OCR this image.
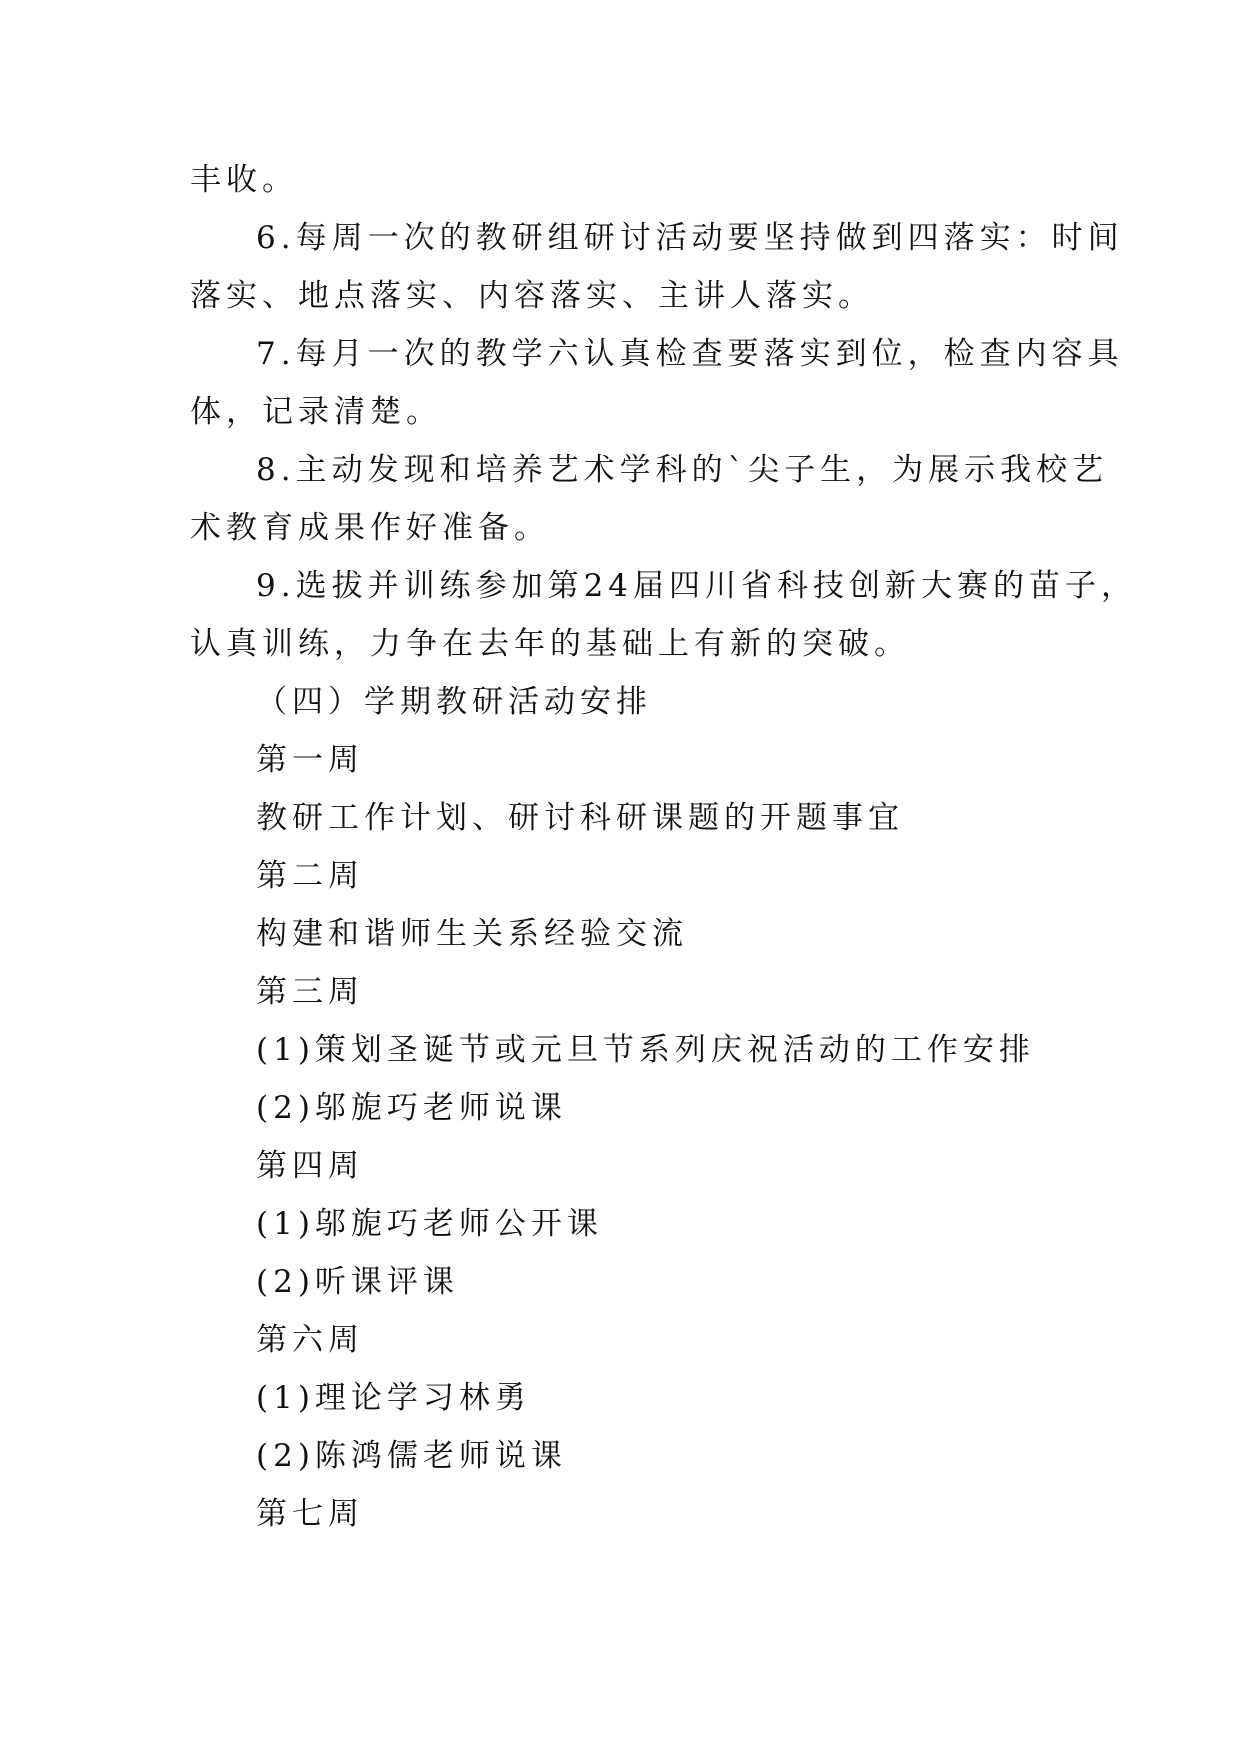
丰收。
6.每周一次的教研组研讨活动要坚持做到四落实：时间
落实、地点落实、内容落实、主讲人落实。
7.每月一次的教学六认真检查要落实到位，检查内容具
体，记录清楚。
8.主动发现和培养艺术学科的`尖子生，为展示我校艺
术教育成果作好准备。
9.选拔并训练参加第24届四川省科技创新大赛的苗子，
认真训练，力争在去年的基础上有新的突破。
（四）学期教研活动安排
第一周
教研工作计划、研讨科研课题的开题事宜
第二周
构建和谐师生关系经验交流
第三周
(1)策划圣诞节或元旦节系列庆祝活动的工作安排
(2)邬旎巧老师说课
第四周
(1)邬旎巧老师公开课
(2)听课评课
第六周
(1)理论学习林勇
(2)陈鸿儒老师说课
第七周
